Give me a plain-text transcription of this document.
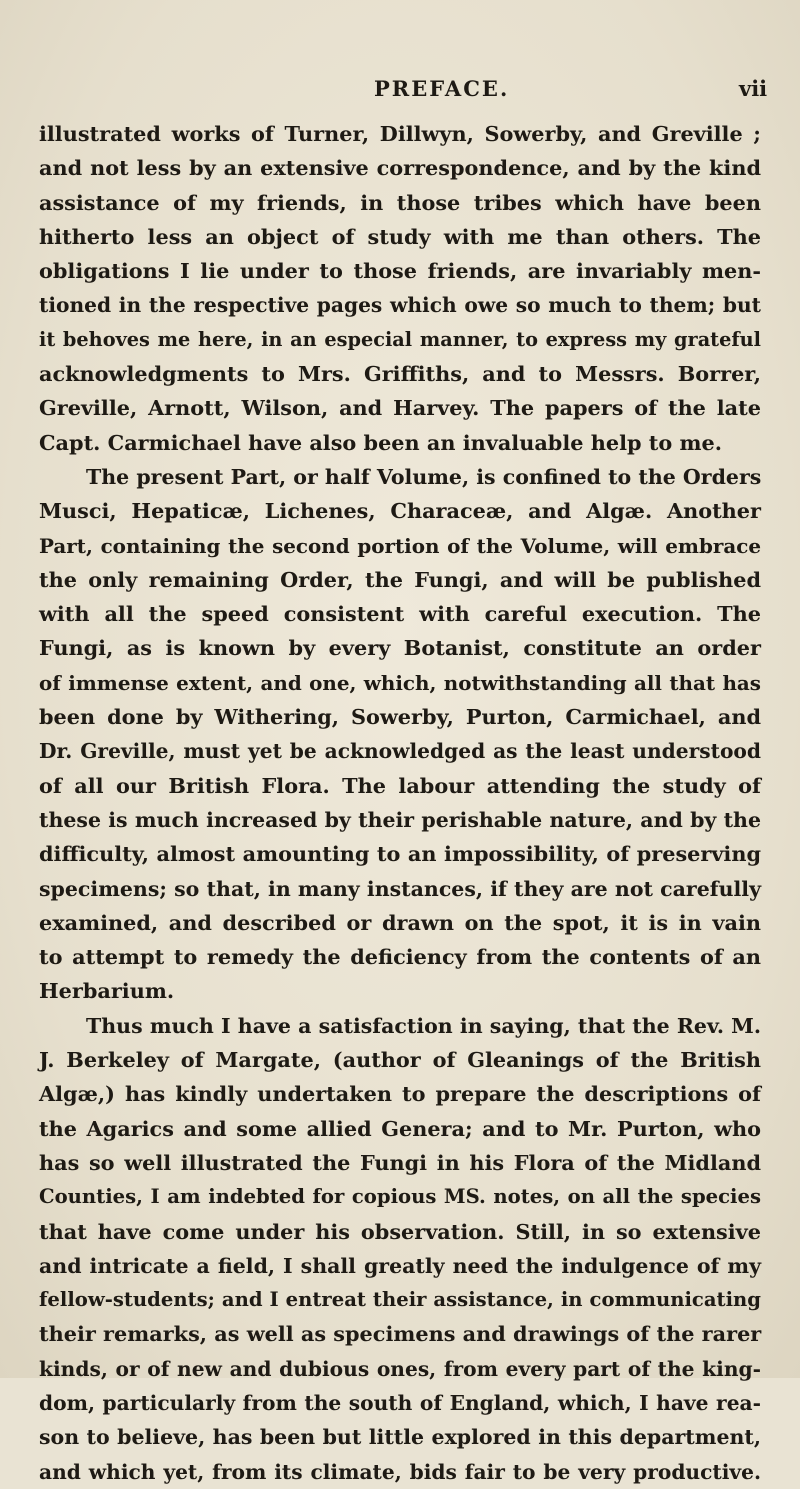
PREFACE.	vii
illustrated works of Turner, Dillwyn, Sowerby, and Greville ;
and not less by an extensive correspondence, and by the kind
assistance of my friends, in those tribes which have been
hitherto less an object of study with me than others. The
obligations I lie under to those friends, are invariably men-
tioned in the respective pages which owe so much to them; but
it behoves me here, in an especial manner, to express my grateful
acknowledgments to Mrs. Griffiths, and to Messrs. Borrer,
Greville, Arnott, Wilson, and Harvey. The papers of the late
Capt. Carmichael have also been an invaluable help to me.
The present Part, or half Volume, is confined to the Orders
Musci, Hepaticæ, Lichenes, Characeæ, and Algæ. Another
Part, containing the second portion of the Volume, will embrace
the only remaining Order, the Fungi, and will be published
with all the speed consistent with careful execution. The
Fungi, as is known by every Botanist, constitute an order
of immense extent, and one, which, notwithstanding all that has
been done by Withering, Sowerby, Purton, Carmichael, and
Dr. Greville, must yet be acknowledged as the least understood
of all our British Flora. The labour attending the study of
these is much increased by their perishable nature, and by the
difficulty, almost amounting to an impossibility, of preserving
specimens; so that, in many instances, if they are not carefully
examined, and described or drawn on the spot, it is in vain
to attempt to remedy the deficiency from the contents of an
Herbarium.
Thus much I have a satisfaction in saying, that the Rev. M.
J. Berkeley of Margate, (author of Gleanings of the British
Algæ,) has kindly undertaken to prepare the descriptions of
the Agarics and some allied Genera; and to Mr. Purton, who
has so well illustrated the Fungi in his Flora of the Midland
Counties, I am indebted for copious MS. notes, on all the species
that have come under his observation. Still, in so extensive
and intricate a field, I shall greatly need the indulgence of my
fellow-students; and I entreat their assistance, in communicating
their remarks, as well as specimens and drawings of the rarer
kinds, or of new and dubious ones, from every part of the king-
dom, particularly from the south of England, which, I have rea-
son to believe, has been but little explored in this department,
and which yet, from its climate, bids fair to be very productive.
